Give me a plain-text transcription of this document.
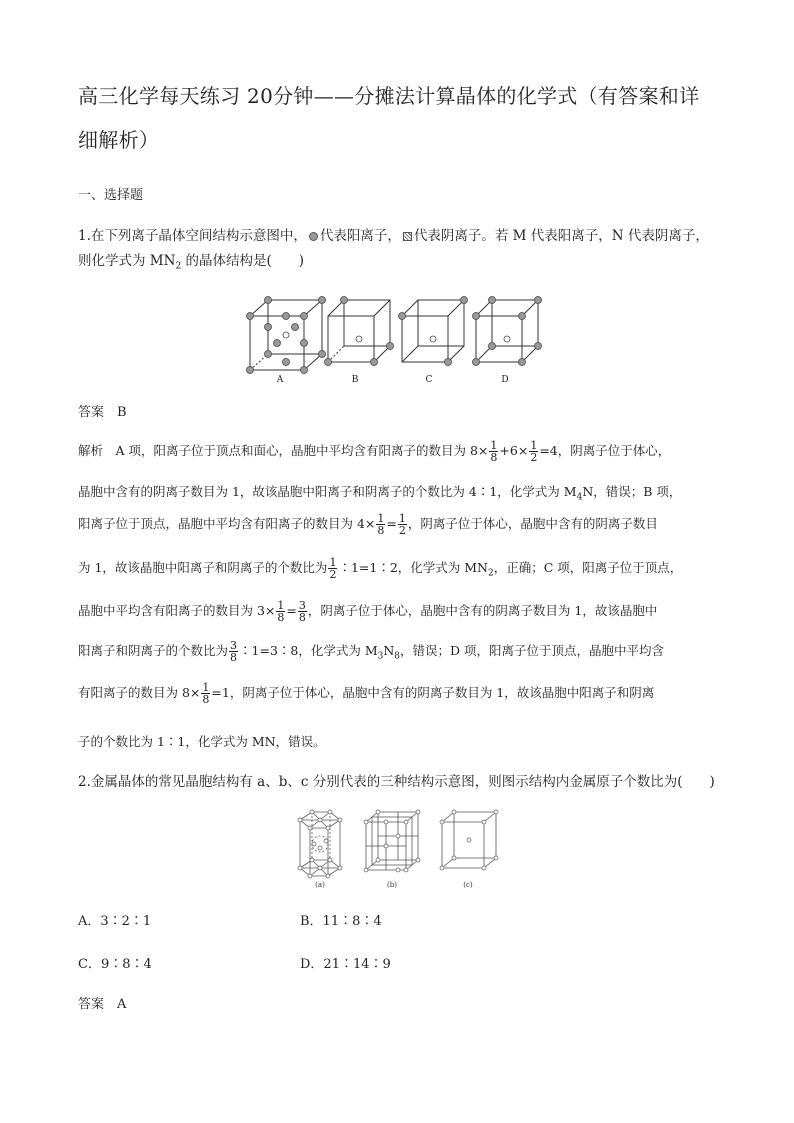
高三化学每天练习 20分钟——分摊法计算晶体的化学式（有答案和详
细解析）
一、选择题
1.在下列离子晶体空间结构示意图中， 代表阳离子， 代表阴离子。若 M 代表阳离子，N 代表阴离子，
则化学式为 $MN_2$ 的晶体结构是(　　)
A	B	C	D
答案　B
解析　A 项，阳离子位于顶点和面心，晶胞中平均含有阳离子的数目为 $8\times \frac{1}{8} +6\times \frac{1}{2} =4$，阴离子位于体心，
晶胞中含有的阴离子数目为 1，故该晶胞中阳离子和阴离子的个数比为 4∶1，化学式为 $M_4N$，错误；B 项，
阳离子位于顶点，晶胞中平均含有阳离子的数目为 $4\times \frac{1}{8} = \frac{1}{2}$ ，阴离子位于体心，晶胞中含有的阴离子数目
为 1，故该晶胞中阳离子和阴离子的个数比为 $\frac{1}{2}$ ∶1=1∶2，化学式为 $MN_2$，正确；C 项，阳离子位于顶点，
晶胞中平均含有阳离子的数目为 $3\times \frac{1}{8} = \frac{3}{8}$ ，阴离子位于体心，晶胞中含有的阴离子数目为 1，故该晶胞中
阳离子和阴离子的个数比为 $\frac{3}{8}$ ∶1=3∶8，化学式为 $M_3N_8$，错误；D 项，阳离子位于顶点，晶胞中平均含
有阳离子的数目为 $8\times \frac{1}{8} =1$，阴离子位于体心，晶胞中含有的阴离子数目为 1，故该晶胞中阳离子和阴离
子的个数比为 1∶1，化学式为 MN，错误。
2.金属晶体的常见晶胞结构有 a、b、c 分别代表的三种结构示意图，则图示结构内金属原子个数比为(　　)
(a)	(b)	(c)
A．3∶2∶1	B．11∶8∶4
C．9∶8∶4	D．21∶14∶9
答案　A
